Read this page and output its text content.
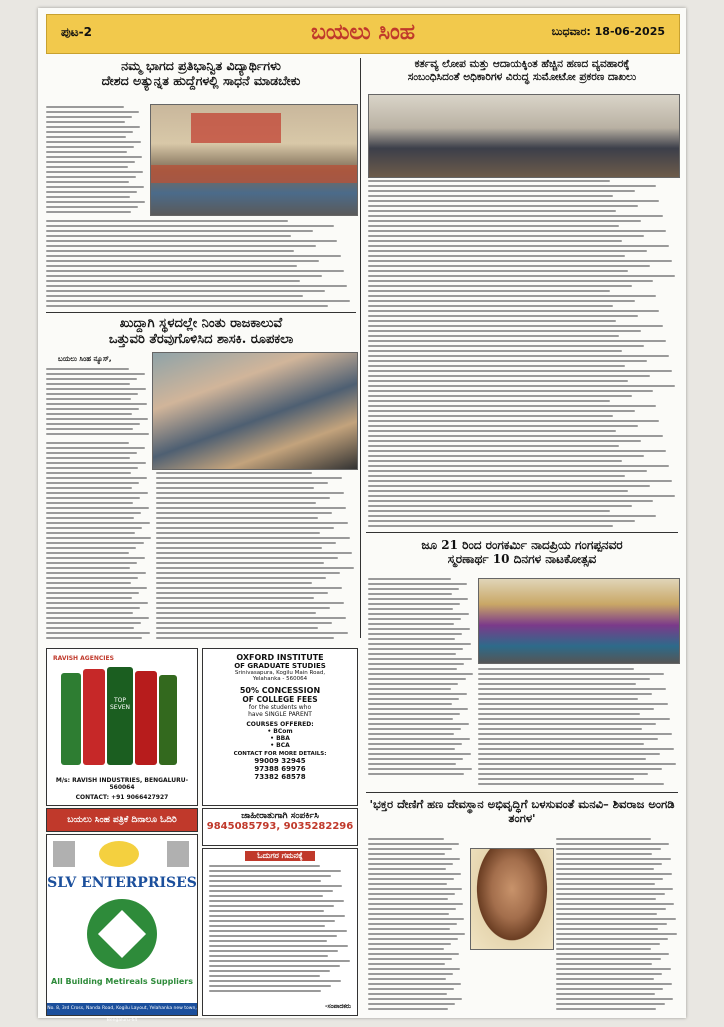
ಪುಟ-2	ಬಯಲು ಸಿಂಹ	ಬುಧವಾರ: 18-06-2025
ನಮ್ಮ ಭಾಗದ ಪ್ರತಿಭಾನ್ವಿತ ವಿದ್ಯಾರ್ಥಿಗಳು
ದೇಶದ ಅತ್ಯುನ್ನತ ಹುದ್ದೆಗಳಲ್ಲಿ ಸಾಧನೆ ಮಾಡಬೇಕು
ಕರ್ತವ್ಯ ಲೋಪ ಮತ್ತು ಆದಾಯಕ್ಕಿಂತ ಹೆಚ್ಚಿನ ಹಣದ ವ್ಯವಹಾರಕ್ಕೆ
ಸಂಬಂಧಿಸಿದಂತೆ ಅಧಿಕಾರಿಗಳ ವಿರುದ್ಧ ಸುಮೋಟೋ ಪ್ರಕರಣ ದಾಖಲು
ಖುದ್ದಾಗಿ ಸ್ಥಳದಲ್ಲೇ ನಿಂತು ರಾಜಕಾಲುವೆ
ಒತ್ತುವರಿ ತೆರವುಗೊಳಿಸಿದ ಶಾಸಕಿ. ರೂಪಕಲಾ
ಬಯಲು ಸಿಂಹ ನ್ಯೂಸ್,
ಜೂ 21 ರಿಂದ ರಂಗಕರ್ಮಿ ನಾದಪ್ರಿಯ ಗಂಗಪ್ಪನವರ
ಸ್ಮರಣಾರ್ಥ 10 ದಿನಗಳ ನಾಟಕೋತ್ಸವ
'ಭಕ್ತರ ದೇಣಿಗೆ ಹಣ ದೇವಸ್ಥಾನ ಅಭಿವೃದ್ಧಿಗೆ ಬಳಸುವಂತೆ ಮನವಿ– ಶಿವರಾಜ ಅಂಗಡಿ ತಂಗಳ'
RAVISH AGENCIES
TOP SEVEN
M/s: RAVISH INDUSTRIES, BENGALURU-560064
CONTACT: +91 9066427927
OXFORD INSTITUTE
OF GRADUATE STUDIES
Srinivasapura, Kogilu Main Road,
Yelahanka - 560064
50% CONCESSION
OF COLLEGE FEES
for the students who
have SINGLE PARENT
COURSES OFFERED:
• BCom
• BBA
• BCA
CONTACT FOR MORE DETAILS:
99009 32945
97388 69976
73382 68578
ಬಯಲು ಸಿಂಹ ಪತ್ರಿಕೆ ದಿನಾಲೂ ಓದಿರಿ
SLV ENTERPRISES
All Building Metireals Suppliers
No. 8, 3rd Cross, Nanda Road, Kogilu Layout, Yelahanka new town, Bengaluru-64
ಜಾಹೀರಾತುಗಾಗಿ ಸಂಪರ್ಕಿಸಿ
9845085793, 9035282296
ಓದುಗರ ಗಮನಕ್ಕೆ
-ಸಂಪಾದಕರು
